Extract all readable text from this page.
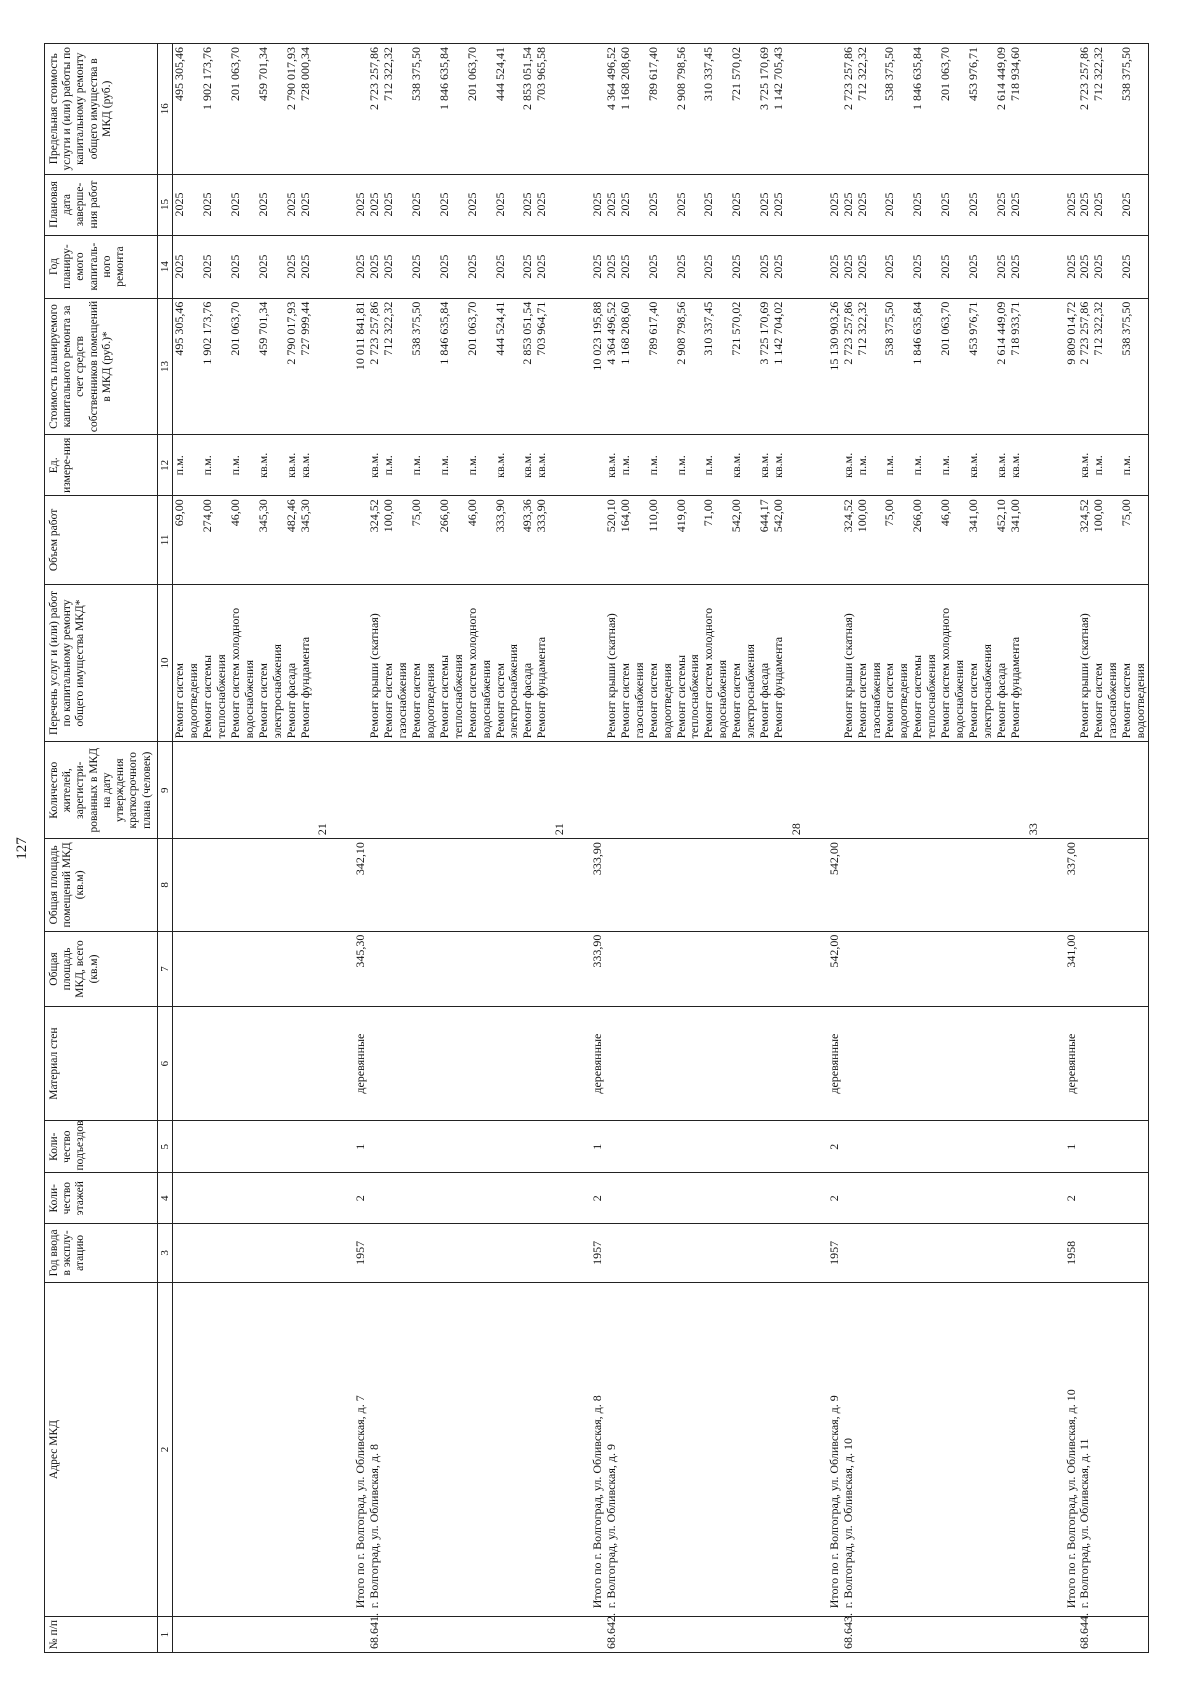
127
№ п/п	Адрес МКД	Год ввода в эксплу-атацию	Коли-чество этажей	Коли-чество подъездов	Материал стен	Общая площадь МКД, всего (кв.м)	Общая площадь помещений МКД (кв.м)	Количество жителей, зарегистри-рованных в МКД на дату утверждения краткосрочного плана (человек)	Перечень услуг и (или) работ по капитальному ремонту общего имущества МКД*	Объем работ	Ед. измере-ния	Стоимость планируемого капитального ремонта за счет средств собственников помещений в МКД (руб.)*	Год планиру-емого капиталь-ного ремонта	Плановая дата заверше-ния работ	Предельная стоимость услуги и (или) работы по капитальному ремонту общего имущества в МКД (руб.)
1	2	3	4	5	6	7	8	9	10	11	12	13	14	15	16
									Ремонт систем водоотведения	69,00	п.м.	495 305,46	2025	2025	495 305,46
									Ремонт системы теплоснабжения	274,00	п.м.	1 902 173,76	2025	2025	1 902 173,76
									Ремонт систем холодного водоснабжения	46,00	п.м.	201 063,70	2025	2025	201 063,70
									Ремонт систем электроснабжения	345,30	кв.м.	459 701,34	2025	2025	459 701,34
									Ремонт фасада	482,46	кв.м.	2 790 017,93	2025	2025	2 790 017,93
									Ремонт фундамента	345,30	кв.м.	727 999,44	2025	2025	728 000,34
	Итого по г. Волгоград, ул. Обливская, д. 7	1957	2	1	деревянные	345,30	342,10	21				10 011 841,81	2025	2025	
68.641.	г. Волгоград, ул. Обливская, д. 8								Ремонт крыши (скатная)	324,52	кв.м.	2 723 257,86	2025	2025	2 723 257,86
									Ремонт систем газоснабжения	100,00	п.м.	712 322,32	2025	2025	712 322,32
									Ремонт систем водоотведения	75,00	п.м.	538 375,50	2025	2025	538 375,50
									Ремонт системы теплоснабжения	266,00	п.м.	1 846 635,84	2025	2025	1 846 635,84
									Ремонт систем холодного водоснабжения	46,00	п.м.	201 063,70	2025	2025	201 063,70
									Ремонт систем электроснабжения	333,90	кв.м.	444 524,41	2025	2025	444 524,41
									Ремонт фасада	493,36	кв.м.	2 853 051,54	2025	2025	2 853 051,54
									Ремонт фундамента	333,90	кв.м.	703 964,71	2025	2025	703 965,58
	Итого по г. Волгоград, ул. Обливская, д. 8	1957	2	1	деревянные	333,90	333,90	21				10 023 195,88	2025	2025	
68.642.	г. Волгоград, ул. Обливская, д. 9								Ремонт крыши (скатная)	520,10	кв.м.	4 364 496,52	2025	2025	4 364 496,52
									Ремонт систем газоснабжения	164,00	п.м.	1 168 208,60	2025	2025	1 168 208,60
									Ремонт систем водоотведения	110,00	п.м.	789 617,40	2025	2025	789 617,40
									Ремонт системы теплоснабжения	419,00	п.м.	2 908 798,56	2025	2025	2 908 798,56
									Ремонт систем холодного водоснабжения	71,00	п.м.	310 337,45	2025	2025	310 337,45
									Ремонт систем электроснабжения	542,00	кв.м.	721 570,02	2025	2025	721 570,02
									Ремонт фасада	644,17	кв.м.	3 725 170,69	2025	2025	3 725 170,69
									Ремонт фундамента	542,00	кв.м.	1 142 704,02	2025	2025	1 142 705,43
	Итого по г. Волгоград, ул. Обливская, д. 9	1957	2	2	деревянные	542,00	542,00	28				15 130 903,26	2025	2025	
68.643.	г. Волгоград, ул. Обливская, д. 10								Ремонт крыши (скатная)	324,52	кв.м.	2 723 257,86	2025	2025	2 723 257,86
									Ремонт систем газоснабжения	100,00	п.м.	712 322,32	2025	2025	712 322,32
									Ремонт систем водоотведения	75,00	п.м.	538 375,50	2025	2025	538 375,50
									Ремонт системы теплоснабжения	266,00	п.м.	1 846 635,84	2025	2025	1 846 635,84
									Ремонт систем холодного водоснабжения	46,00	п.м.	201 063,70	2025	2025	201 063,70
									Ремонт систем электроснабжения	341,00	кв.м.	453 976,71	2025	2025	453 976,71
									Ремонт фасада	452,10	кв.м.	2 614 449,09	2025	2025	2 614 449,09
									Ремонт фундамента	341,00	кв.м.	718 933,71	2025	2025	718 934,60
	Итого по г. Волгоград, ул. Обливская, д. 10	1958	2	1	деревянные	341,00	337,00	33				9 809 014,72	2025	2025	
68.644.	г. Волгоград, ул. Обливская, д. 11								Ремонт крыши (скатная)	324,52	кв.м.	2 723 257,86	2025	2025	2 723 257,86
									Ремонт систем газоснабжения	100,00	п.м.	712 322,32	2025	2025	712 322,32
									Ремонт систем водоотведения	75,00	п.м.	538 375,50	2025	2025	538 375,50
